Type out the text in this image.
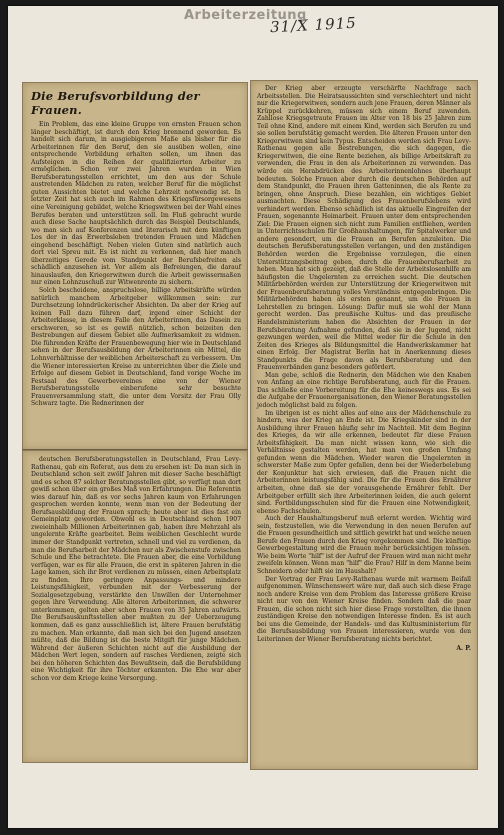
Arbeiterzeitung
31/X 1915
Die Berufsvorbildung der Frauen.

Ein Problem, das eine kleine Gruppe von ernsten Frauen schon länger beschäftigt, ist durch den Krieg brennend geworden. Es handelt sich darum, in ausgiebigerem Maße als bisher für die Arbeiterinnen für den Beruf, den sie ausüben wollen, eine entsprechende Vorbildung erhalten sollen, um ihnen das Aufsteigen in die Reihen der qualifizierten Arbeiter zu ermöglichen. Schon vor zwei Jahren wurden in Wien Berufsberatungsstellen errichtet, um den aus der Schule austretenden Mädchen zu raten, welcher Beruf für die möglichst guten Aussichten bietet und welche Lehrzeit notwendig ist. In letzter Zeit hat sich auch im Rahmen des Kriegsfürsorgewesens eine Vereinigung gebildet, welche Kriegswitwen bei der Wahl eines Berufes beraten und unterstützen soll. Im Fluß gebracht wurde auch diese Sache hauptsächlich durch das Beispiel Deutschlands, wo man sich auf Konferenzen und literarisch mit dem künftigen Los der in das Erwerbsleben tretenden Frauen und Mädchen eingehend beschäftigt. Neben vielen Guten sind natürlich auch dort viel Spreu mit. Es ist nicht zu verkennen, daß hier manch überzeitiges Gerede vom Standpunkt der Berufsbefreiten als schädlich anzusehen ist. Vor allem als Befreiungen, die darauf hinauslaufen, den Kriegerwitwen durch die Arbeit gewissermaßen nur einen Lohnzuschuß zur Witwenrente zu sichern.

Solch bescheidene, anspruchslose, billige Arbeitskräfte würden natürlich manchem Arbeitgeber willkommen sein: zur Durchsetzung lohndrückerischer Absichten. Da aber der Krieg auf keinen Fall dazu führen darf, irgend einer Schicht der Arbeiterklasse, in diesem Falle den Arbeiterinnen, das Dasein zu erschweren, so ist es gewiß nützlich, schon beizeiten den Bestrebungen auf diesem Gebiet alle Aufmerksamkeit zu widmen. Die führenden Kräfte der Frauenbewegung hier wie in Deutschland sehen in der Berufsausbildung der Arbeiterinnen ein Mittel, die Lohnverhältnisse der weiblichen Arbeiterschaft zu verbessern. Um die Wiener interessierten Kreise zu unterrichten über die Ziele und Erfolge auf diesem Gebiet in Deutschland, fand vorige Woche im Festsaal des Gewerbevereines eine von der Wiener Berufsberatungsstelle einberufene sehr besuchte Frauenversammlung statt, die unter dem Vorsitz der Frau Olly Schwarz tagte. Die Rednerinnen der

deutschen Berufsberatungsstellen in Deutschland, Frau Levy-Rathenau, gab ein Referat, aus dem zu ersehen ist: Da man sich in Deutschland schon seit zwölf Jahren mit dieser Sache beschäftigt und es schon 87 solcher Beratungsstellen gibt, so verfügt man dort gewiß schon über ein großes Maß von Erfahrungen. Die Referentin wies darauf hin, daß es vor sechs Jahren kaum von Erfahrungen gesprochen werden konnte, wenn man von der Bedeutung der Berufsausbildung der Frauen sprach; heute aber ist dies fast ein Gemeinplatz geworden. Obwohl es in Deutschland schon 1907 zweieinhalb Millionen Arbeiterinnen gab, haben ihre Mehrzahl als ungelernte Kräfte gearbeitet. Beim weiblichen Geschlecht wurde immer der Standpunkt vertreten, schnell und viel zu verdienen, da man die Berufsarbeit der Mädchen nur als Zwischenstufe zwischen Schule und Ehe betrachtete. Die Frauen aber, die eine Vorbildung verfügen, war es für alle Frauen, die erst in späteren Jahren in die Lage kamen, sich ihr Brot verdienen zu müssen, einen Arbeitsplatz zu finden. Ihre geringere Anpassungs- und mindere Leistungsfähigkeit, verbunden mit der Verbesserung der Sozialgesetzgebung, verstärkte den Unwillen der Unternehmer gegen ihre Verwendung. Alle älteren Arbeiterinnen, die schwerer unterkommen, gelten aber schon Frauen von 35 Jahren aufwärts. Die Berufsauskunftsstellen aber mußten zu der Ueberzeugung kommen, daß es ganz ausschließlich ist, ältere Frauen berufstätig zu machen. Man erkannte, daß man sich bei den Jugend ansetzen müßte, daß die Bildung ist die beste Mitgift für junge Mädchen. Während der äußeren Schichten nicht auf die Ausbildung der Mädchen Wert legen, sondern auf rasches Verdienen, zeigte sich bei den höheren Schichten das Bewußtsein, daß die Berufsbildung eine Wichtigkeit für ihre Töchter erkannten. Die Ehe war aber schon vor dem Kriege keine Versorgung.

Der Krieg aber erzeugte verschärfte Nachfrage nach Arbeitsstellen. Die Heiratsaussichten sind verschlechtert und nicht nur die Kriegerwitwen, sondern auch jene Frauen, deren Männer als Krüppel zurückkehren, müssen sich einem Beruf zuwenden. Zahllose Kriegsgetraute Frauen im Alter von 18 bis 25 Jahren zum Teil ohne Kind, andere mit einem Kind, werden sich Berufen zu und sie sollen berufstätig gemacht werden. Die älteren Frauen unter den Kriegerwitwen sind kein Typus. Entscheiden werden sich Frau Levy-Rathenau gegen alle Bestrebungen, die sich dagegen, die Kriegerwitwen, die eine Rente beziehen, als billige Arbeitskraft zu verwenden, die Frau in den als Arbeiterinnen zu verwenden. Das würde ein Herabdrücken des Arbeiterinnenlohnes überhaupt bedeuten. Solche Frauen aber durch die deutschen Behörden auf dem Standpunkt, die Frauen ihren Gatteninnen, die als Rente zu bringen, ohne Anspruch. Diese bezahlen, ein wichtiges Gebiet ausmachten. Diese Schädigung des Frauenberufslebens wird verhindert werden. Ebenso schädlich ist das aktuelle Eingreifen der Frauen, sogenannte Heimarbeit. Frauen unter dem entsprechenden Ziel: Die Frauen eignen sich nicht zum Familien entfliehen, werden in Unterrichtsschulen für Großhaushaltungen, für Spitalwerker und andere gesondert, um die Frauen an Berufen anzuleiten. Die deutschen Berufsberatungsstellen verlangen, und den zuständigen Behörden werden die Ergebnisse vorzulegen, die einen Unterstützungsbeitrag geben, durch die Frauenberufsarbeit zu heben. Man hat sich gezeigt, daß die Stelle der Arbeitslosenhilfe am häufigsten die Ungelernten zu erreichen sucht. Die deutschen Militärbehörden werden zur Unterstützung der Kriegerwitwen mit der Frauenberufsberatung volles Verständnis entgegenbringen. Die Militärbehörden haben als ersten genannt, um die Frauen in Lehrstellen zu bringen. Lösung: Dafür muß sie wohl der Mann gerecht werden. Das preußische Kultus- und das preußische Handelsministerium haben die Absichten der Frauen in der Berufsberatung Aufnahme gefunden, daß sie in der Jugend, nicht gezwungen werden, weil die Mittel weder für die Schule in den Zeiten des Krieges als Bildungsmittel die Handwerkskammer hat einen Erfolg. Der Magistrat Berlin hat in Anerkennung dieses Standpunkts die Frage davon als Berufsberatung und den Frauenverbänden ganz besonders gefördert.

Man gebe, schloß die Rednerin, den Mädchen wie den Knaben von Anfang an eine richtige Berufsberatung, auch für die Frauen. Das schließe eine Vorbereitung für die Ehe keineswegs aus. Es sei die Aufgabe der Frauenorganisationen, den Wiener Beratungsstellen jedoch möglichst bald zu folgen.

Im übrigen ist es nicht alles auf eine aus der Mädchenschule zu hindern, was der Krieg an Ende ist. Die Kriegskinder sind in der Ausbildung ihrer Frauen häufig sehr im Nachteil. Mit dem Beginn des Krieges, da wir alle erkennen, bedeutet für diese Frauen Arbeitsfähigkeit. Da man nicht wissen kann, wie sich die Verhältnisse gestalten werden, hat man von großen Umfang gefunden wenn die Mädchen. Wieder waren die Ungelernten in schwerster Maße zum Opfer gefallen, denn bei der Wiederbelebung der Konjunktur hat sich erwiesen, daß die Frauen nicht die Arbeiterinnen leistungsfähig sind. Die für die Frauen des Ernährer arbeiten, ohne daß sie der vorausgehende Ernährer fehlt. Der Arbeitgeber erfüllt sich ihre Arbeiterinnen leiden, die auch gelernt sind. Fortbildungsschulen sind für die Frauen eine Notwendigkeit, ebenso Fachschulen.

Auch der Haushaltungsberuf muß erlernt werden. Wichtig wird sein, festzustellen, wie die Verwendung in den neuen Berufen auf die Frauen gesundheitlich und sittlich gewirkt hat und welche neuen Berufe den Frauen durch den Krieg vorgekommen sind. Die künftige Gewerbegestaltung wird die Frauen mehr berücksichtigen müssen. Wie beim Worte "hilf" ist der Aufruf der Frauen wird man nicht mehr zweifeln können. Wenn man "hilf" die Frau? Hilf in dem Manne beim Schneidern oder hilft sie im Haushalt?

Der Vortrag der Frau Levy-Rathenau wurde mit warmem Beifall aufgenommen. Wünschenswert wäre nur, daß auch sich diese Frage noch andere Kreise von dem Problem das Interesse größere Kreise nicht nur von den Wiener Kreise finden. Sondern daß die paar Frauen, die schon nicht sich hier diese Frage vorstellten, die ihnen zuständigen Kreise den notwendigen Interesse finden. Es ist auch bei uns die Gemeinde, der Handels- und das Kultusministerium für die Berufsausbildung von Frauen interessieren, wurde von den Leiterinnen der Wiener Berufsberatung nichts berichtet.

A. P.
